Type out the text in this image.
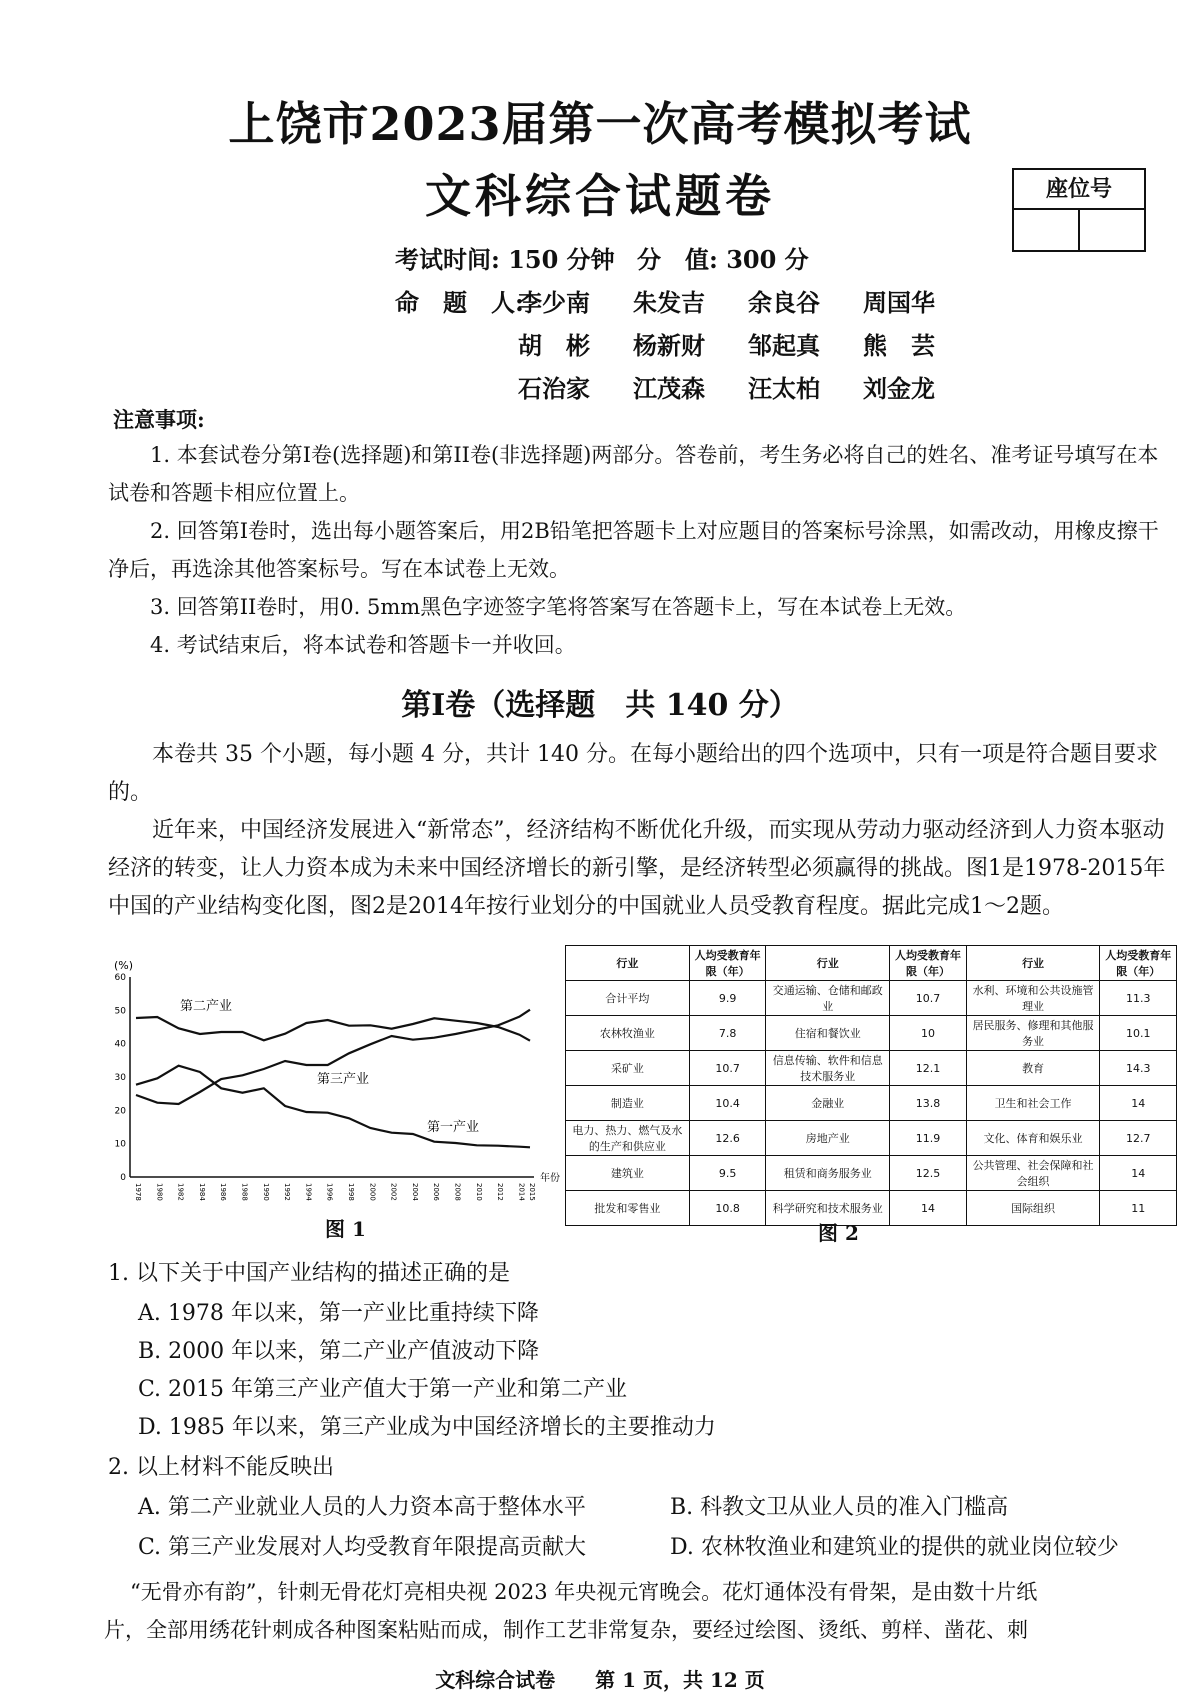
上饶市2023届第一次高考模拟考试
文科综合试题卷	座位号
考试时间: 150 分钟 分　值: 300 分
命　题　人:
李少南 朱发吉 余良谷 周国华
胡　彬 杨新财 邹起真 熊　芸
石治家 江茂森 汪太柏 刘金龙
注意事项:

1. 本套试卷分第I卷(选择题)和第II卷(非选择题)两部分。答卷前，考生务必将自己的姓名、准考证号填写在本试卷和答题卡相应位置上。

2. 回答第I卷时，选出每小题答案后，用2B铅笔把答题卡上对应题目的答案标号涂黑，如需改动，用橡皮擦干净后，再选涂其他答案标号。写在本试卷上无效。

3. 回答第II卷时，用0. 5mm黑色字迹签字笔将答案写在答题卡上，写在本试卷上无效。

4. 考试结束后，将本试卷和答题卡一并收回。

第I卷（选择题　共 140 分）

本卷共 35 个小题，每小题 4 分，共计 140 分。在每小题给出的四个选项中，只有一项是符合题目要求的。

近年来，中国经济发展进入“新常态”，经济结构不断优化升级，而实现从劳动力驱动经济到人力资本驱动经济的转变，让人力资本成为未来中国经济增长的新引擎，是经济转型必须赢得的挑战。图1是1978-2015年中国的产业结构变化图，图2是2014年按行业划分的中国就业人员受教育程度。据此完成1～2题。

(%)
0
10
20
30
40
50
60
1978 1980 1982 1984 1986 1988 1990 1992 1994 1996 1998 2000 2002 2004 2006 2008 2010 2012 2014 2015
年份
第二产业
第三产业
第一产业
图 1
行业	人均受教育年限（年）	行业	人均受教育年限（年）	行业	人均受教育年限（年）
合计平均	9.9	交通运输、仓储和邮政业	10.7	水利、环境和公共设施管理业	11.3
农林牧渔业	7.8	住宿和餐饮业	10	居民服务、修理和其他服务业	10.1
采矿业	10.7	信息传输、软件和信息技术服务业	12.1	教育	14.3
制造业	10.4	金融业	13.8	卫生和社会工作	14
电力、热力、燃气及水的生产和供应业	12.6	房地产业	11.9	文化、体育和娱乐业	12.7
建筑业	9.5	租赁和商务服务业	12.5	公共管理、社会保障和社会组织	14
批发和零售业	10.8	科学研究和技术服务业	14	国际组织	11
图 2
1. 以下关于中国产业结构的描述正确的是
A. 1978 年以来，第一产业比重持续下降
B. 2000 年以来，第二产业产值波动下降
C. 2015 年第三产业产值大于第一产业和第二产业
D. 1985 年以来，第三产业成为中国经济增长的主要推动力
2. 以上材料不能反映出
A. 第二产业就业人员的人力资本高于整体水平	B. 科教文卫从业人员的准入门槛高
C. 第三产业发展对人均受教育年限提高贡献大	D. 农林牧渔业和建筑业的提供的就业岗位较少
“无骨亦有韵”，针刺无骨花灯亮相央视 2023 年央视元宵晚会。花灯通体没有骨架，是由数十片纸
片，全部用绣花针刺成各种图案粘贴而成，制作工艺非常复杂，要经过绘图、烫纸、剪样、凿花、刺
文科综合试卷　　第 1 页，共 12 页
